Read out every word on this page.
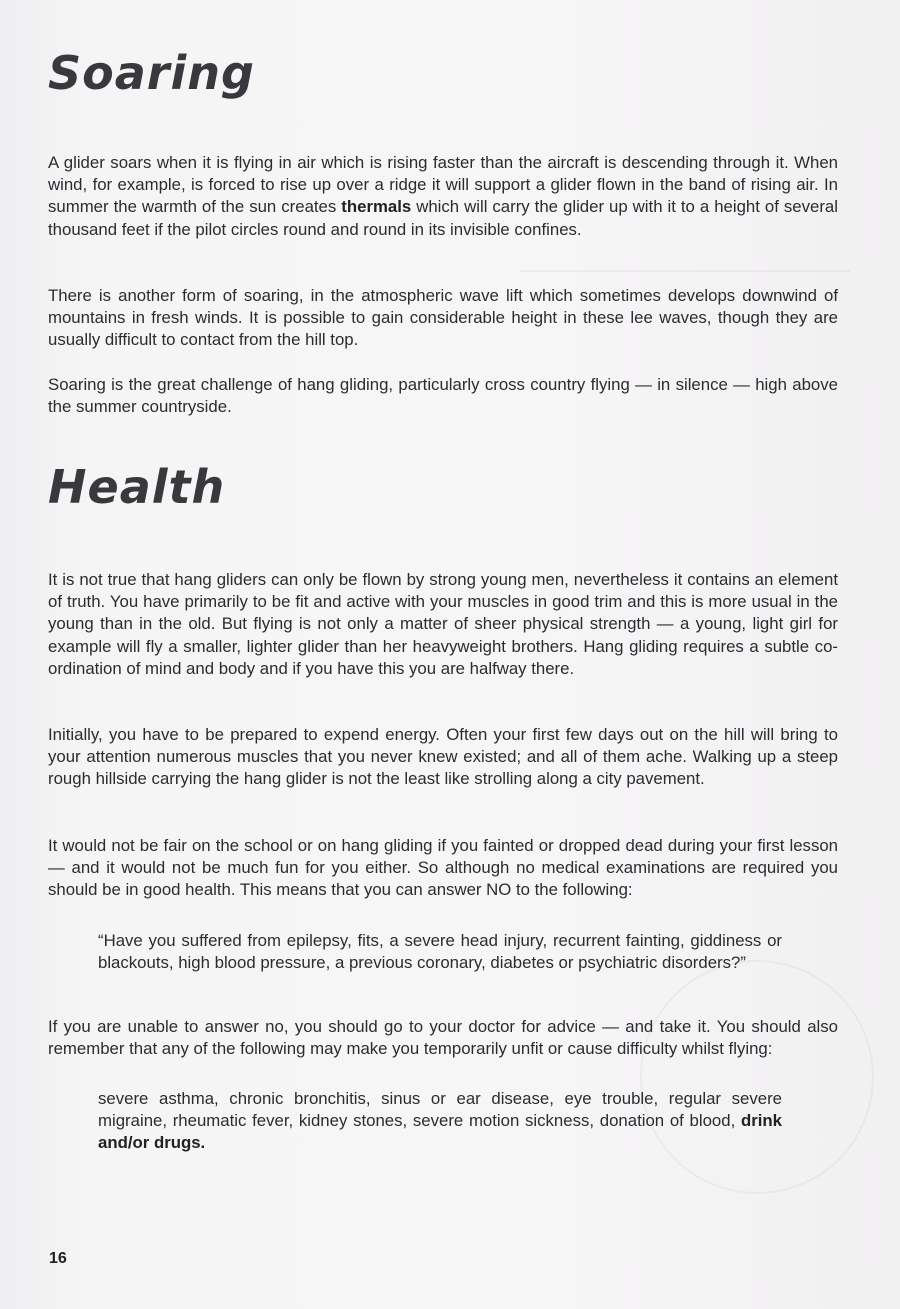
Soaring

A glider soars when it is flying in air which is rising faster than the aircraft is descending through it. When wind, for example, is forced to rise up over a ridge it will support a glider flown in the band of rising air. In summer the warmth of the sun creates thermals which will carry the glider up with it to a height of several thousand feet if the pilot circles round and round in its invisible confines.

There is another form of soaring, in the atmospheric wave lift which sometimes develops downwind of mountains in fresh winds. It is possible to gain considerable height in these lee waves, though they are usually difficult to contact from the hill top.

Soaring is the great challenge of hang gliding, particularly cross country flying — in silence — high above the summer countryside.

Health

It is not true that hang gliders can only be flown by strong young men, nevertheless it contains an element of truth. You have primarily to be fit and active with your muscles in good trim and this is more usual in the young than in the old. But flying is not only a matter of sheer physical strength — a young, light girl for example will fly a smaller, lighter glider than her heavyweight brothers. Hang gliding requires a subtle co-ordination of mind and body and if you have this you are halfway there.

Initially, you have to be prepared to expend energy. Often your first few days out on the hill will bring to your attention numerous muscles that you never knew existed; and all of them ache. Walking up a steep rough hillside carrying the hang glider is not the least like strolling along a city pavement.

It would not be fair on the school or on hang gliding if you fainted or dropped dead during your first lesson — and it would not be much fun for you either. So although no medical examinations are required you should be in good health. This means that you can answer NO to the following:

“Have you suffered from epilepsy, fits, a severe head injury, recurrent fainting, giddiness or blackouts, high blood pressure, a previous coronary, diabetes or psychiatric disorders?”

If you are unable to answer no, you should go to your doctor for advice — and take it. You should also remember that any of the following may make you temporarily unfit or cause difficulty whilst flying:

severe asthma, chronic bronchitis, sinus or ear disease, eye trouble, regular severe migraine, rheumatic fever, kidney stones, severe motion sickness, donation of blood, drink and/or drugs.

16
